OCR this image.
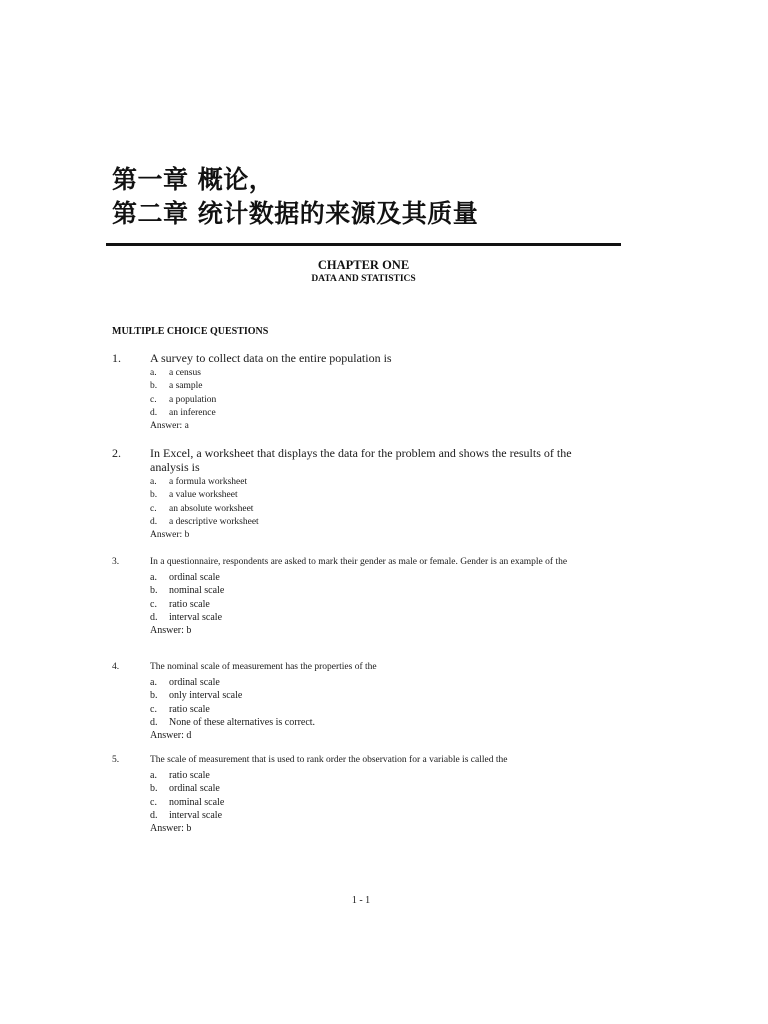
第一章 概论，
第二章 统计数据的来源及其质量
CHAPTER ONE
DATA AND STATISTICS
MULTIPLE CHOICE QUESTIONS
1. A survey to collect data on the entire population is
a. a census
b. a sample
c. a population
d. an inference
Answer: a
2. In Excel, a worksheet that displays the data for the problem and shows the results of the analysis is
a. a formula worksheet
b. a value worksheet
c. an absolute worksheet
d. a descriptive worksheet
Answer: b
3.	In a questionnaire, respondents are asked to mark their gender as male or female. Gender is an example of the
a. ordinal scale
b. nominal scale
c. ratio scale
d. interval scale
Answer: b
4.	The nominal scale of measurement has the properties of the
a. ordinal scale
b. only interval scale
c. ratio scale
d. None of these alternatives is correct.
Answer: d
5.	The scale of measurement that is used to rank order the observation for a variable is called the
a. ratio scale
b. ordinal scale
c. nominal scale
d. interval scale
Answer: b
1 - 1
